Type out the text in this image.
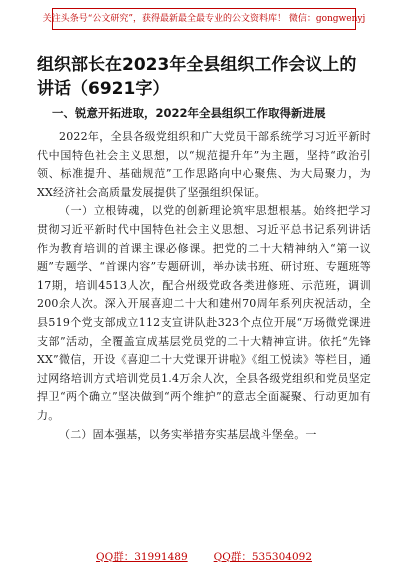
关注头条号“公文研究”，获得最新最全最专业的公文资料库！ 微信：gongwenyj
组织部长在2023年全县组织工作会议上的讲话（6921字）
一、锐意开拓进取，2022年全县组织工作取得新进展

2022年，全县各级党组织和广大党员干部系统学习习近平新时代中国特色社会主义思想，以“规范提升年”为主题，坚持“政治引领、标准提升、基础规范”工作思路向中心聚焦、为大局聚力，为XX经济社会高质量发展提供了坚强组织保证。

（一）立根铸魂，以党的创新理论筑牢思想根基。始终把学习贯彻习近平新时代中国特色社会主义思想、习近平总书记系列讲话作为教育培训的首课主课必修课。把党的二十大精神纳入“第一议题”专题学、“首课内容”专题研训，举办读书班、研讨班、专题班等17期，培训4513人次，配合州级党政各类进修班、示范班，调训200余人次。深入开展喜迎二十大和建州70周年系列庆祝活动，全县519个党支部成立112支宣讲队赴323个点位开展“万场微党课进支部”活动，全覆盖宣成基层党员党的二十大精神宣讲。依托“先锋XX”微信，开设《喜迎二十大党课开讲啦》《组工悦读》等栏目，通过网络培训方式培训党员1.4万余人次，全县各级党组织和党员坚定捍卫“两个确立”坚决做到“两个维护”的意志全面凝聚、行动更加有力。

（二）固本强基，以务实举措夯实基层战斗堡垒。一

QQ群：31991489 QQ群：535304092
